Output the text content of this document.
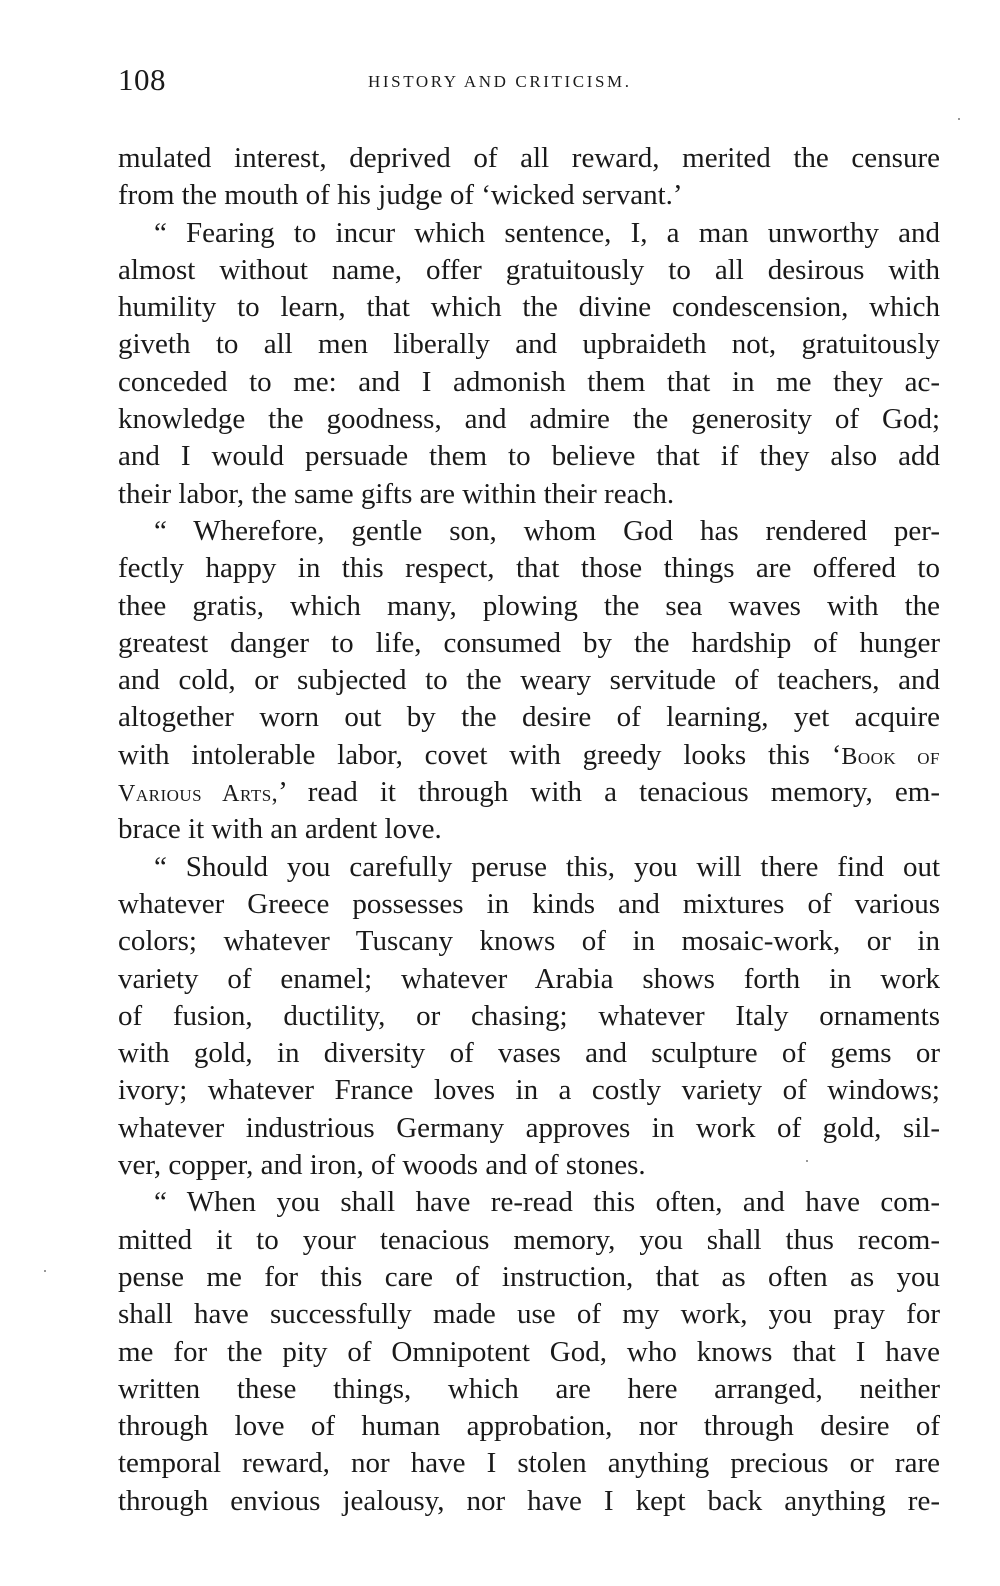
108	HISTORY AND CRITICISM.
mulated interest, deprived of all reward, merited the censure
from the mouth of his judge of ‘wicked servant.’
“ Fearing to incur which sentence, I, a man unworthy and
almost without name, offer gratuitously to all desirous with
humility to learn, that which the divine condescension, which
giveth to all men liberally and upbraideth not, gratuitously
conceded to me: and I admonish them that in me they ac-
knowledge the goodness, and admire the generosity of God;
and I would persuade them to believe that if they also add
their labor, the same gifts are within their reach.
“ Wherefore, gentle son, whom God has rendered per-
fectly happy in this respect, that those things are offered to
thee gratis, which many, plowing the sea waves with the
greatest danger to life, consumed by the hardship of hunger
and cold, or subjected to the weary servitude of teachers, and
altogether worn out by the desire of learning, yet acquire
with intolerable labor, covet with greedy looks this ‘Book of
Various Arts,’ read it through with a tenacious memory, em-
brace it with an ardent love.
“ Should you carefully peruse this, you will there find out
whatever Greece possesses in kinds and mixtures of various
colors; whatever Tuscany knows of in mosaic-work, or in
variety of enamel; whatever Arabia shows forth in work
of fusion, ductility, or chasing; whatever Italy ornaments
with gold, in diversity of vases and sculpture of gems or
ivory; whatever France loves in a costly variety of windows;
whatever industrious Germany approves in work of gold, sil-
ver, copper, and iron, of woods and of stones.
“ When you shall have re-read this often, and have com-
mitted it to your tenacious memory, you shall thus recom-
pense me for this care of instruction, that as often as you
shall have successfully made use of my work, you pray for
me for the pity of Omnipotent God, who knows that I have
written these things, which are here arranged, neither
through love of human approbation, nor through desire of
temporal reward, nor have I stolen anything precious or rare
through envious jealousy, nor have I kept back anything re-
